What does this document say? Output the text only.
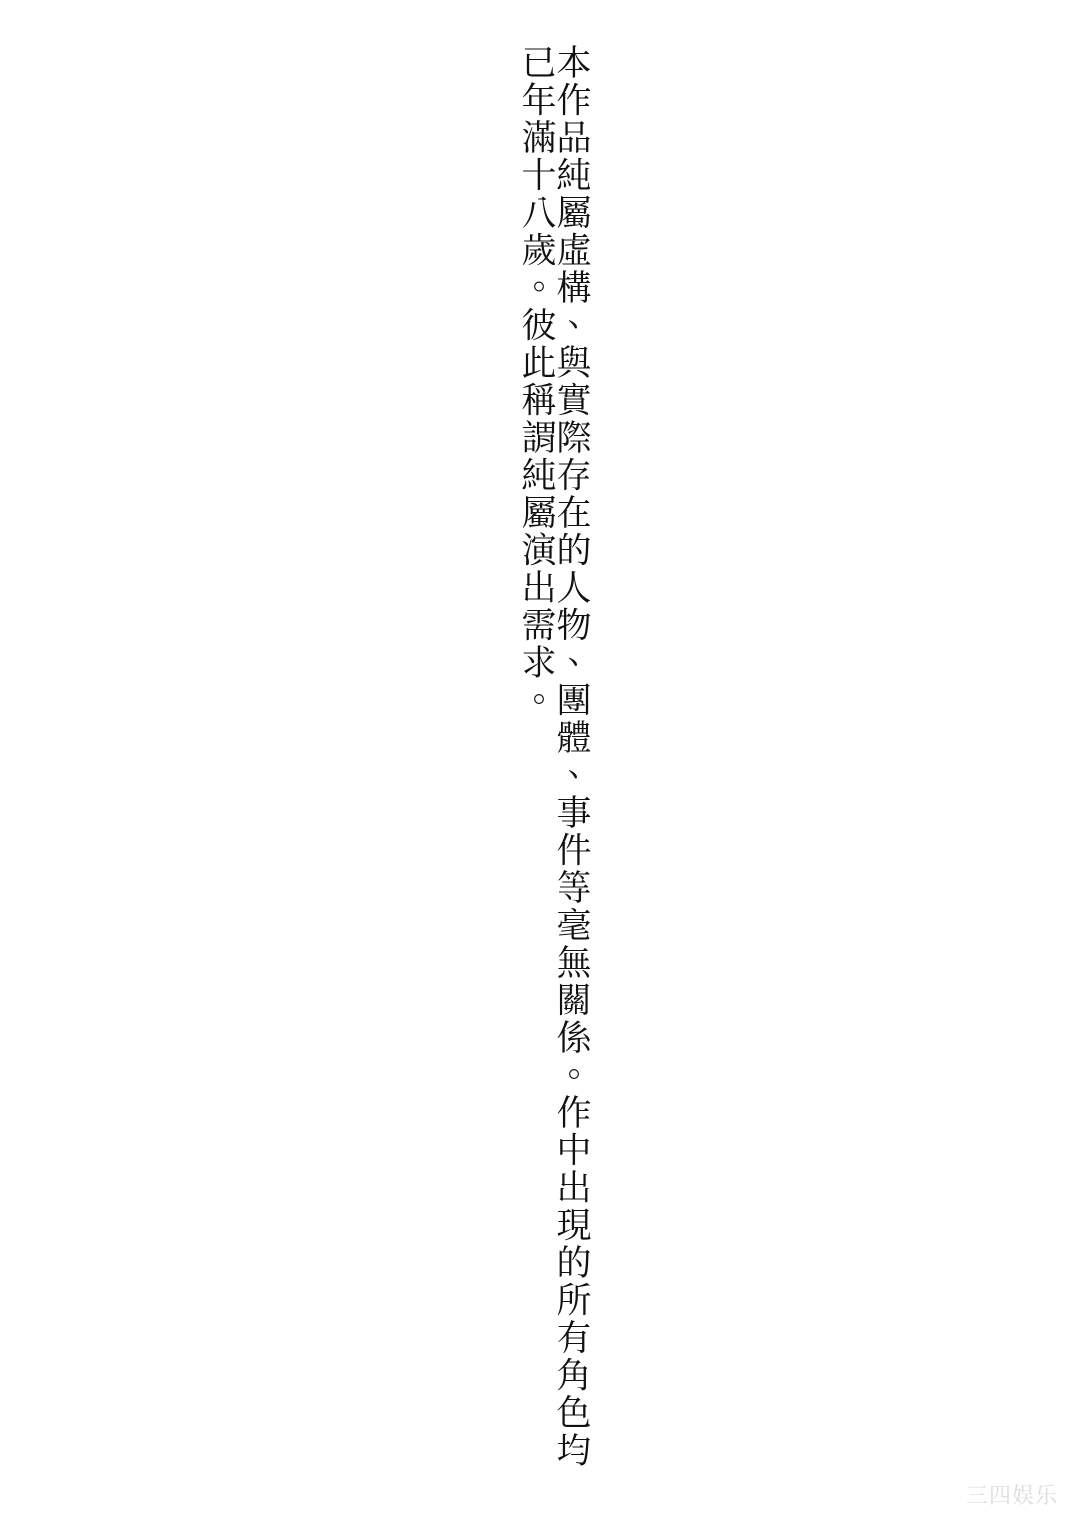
本作品純屬虛構、與實際存在的人物、團體、事件等毫無關係。作中出現的所有角色均已年滿十八歲。彼此稱謂純屬演出需求。
三四娱乐
